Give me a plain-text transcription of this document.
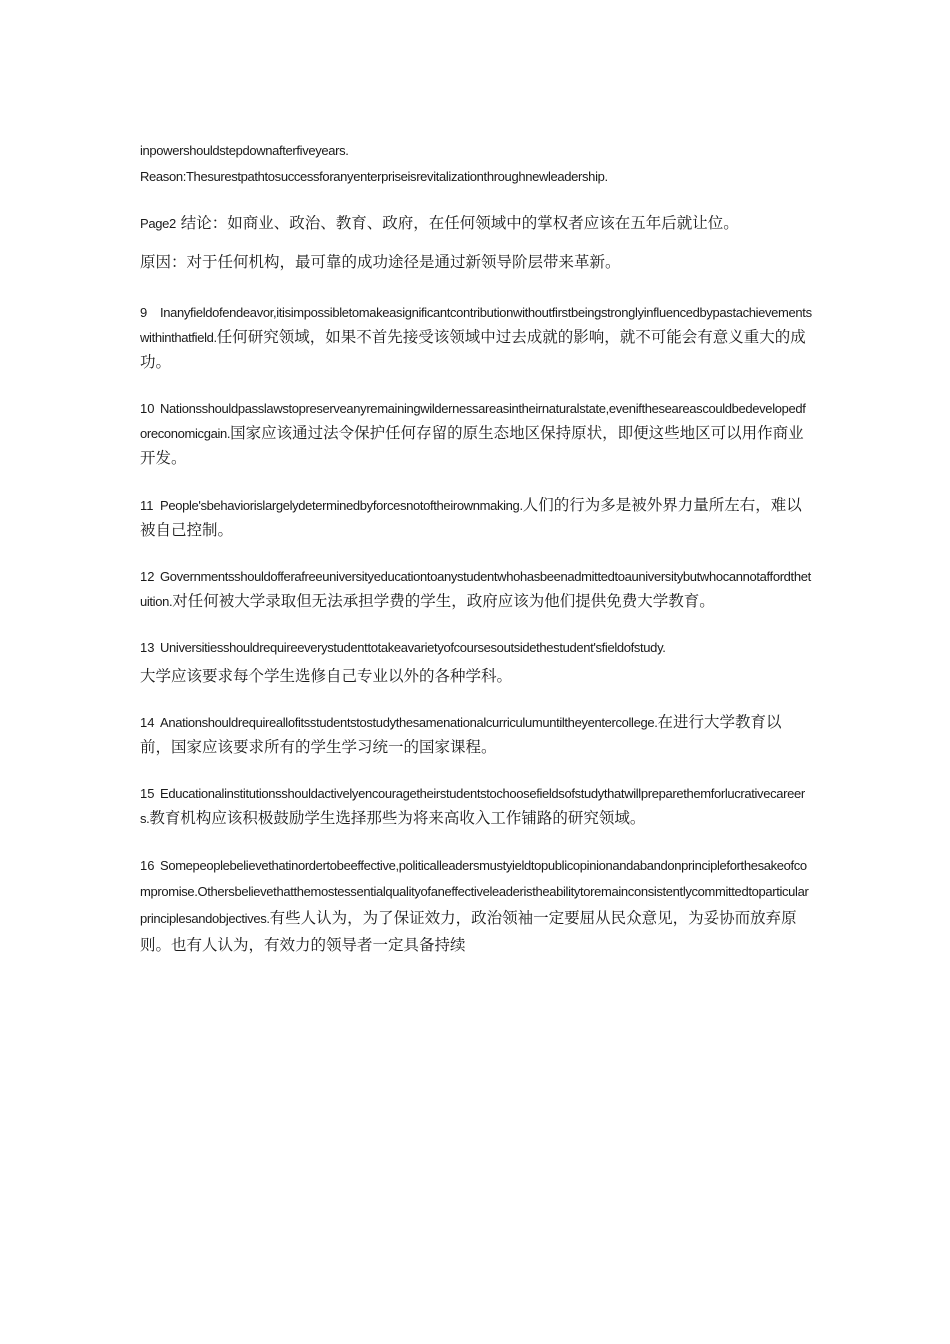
inpowershouldstepdownafterfiveyears.
Reason:Thesurestpathtosuccessforanyenterpriseisrevitalizationthroughnewleadership.
Page2 结论：如商业、政治、教育、政府，在任何领域中的掌权者应该在五年后就让位。
原因：对于任何机构，最可靠的成功途径是通过新领导阶层带来革新。
9 Inanyfieldofendeavor,itisimpossibletomakeasignificantcontributionwithoutfirstbeingstronglyinfluencedbypastachievementswithinthatfield.任何研究领域，如果不首先接受该领域中过去成就的影响，就不可能会有意义重大的成功。
10 Nationsshouldpasslawstopreserveanyremainingwildernessareasintheirnaturalstate,eveniftheseareascouldbedevelopedforeconomicgain.国家应该通过法令保护任何存留的原生态地区保持原状，即便这些地区可以用作商业开发。
11 People'sbehaviorislargelydeterminedbyforcesnotoftheirownmaking.人们的行为多是被外界力量所左右，难以被自己控制。
12 Governmentsshouldofferafreeuniversityeducationtoanystudentwhohasbeenadmittedtoauniversitybutwhocannotaffordthetuition.对任何被大学录取但无法承担学费的学生，政府应该为他们提供免费大学教育。
13 Universitiesshouldrequireeverystudenttotakeavarietyofcoursesoutsidethestudent'sfieldofstudy.
大学应该要求每个学生选修自己专业以外的各种学科。
14 Anationshouldrequireallofitsstudentstostudythesamenationalcurriculumuntiltheyentercollege.在进行大学教育以前，国家应该要求所有的学生学习统一的国家课程。
15 Educationalinstitutionsshouldactivelyencouragetheirstudentstochoosefieldsofstudythatwillpreparethemforlucrativecareers.教育机构应该积极鼓励学生选择那些为将来高收入工作铺路的研究领域。
16 Somepeoplebelievethatinordertobeeffective,politicalleadersmustyieldtopublicopinionandabandonprincipleforthesakeofcompromise.Othersbelievethatthemostessentialqualityofaneffectiveleaderistheabilitytoremainconsistentlycommittedtoparticularprinciplesandobjectives.有些人认为，为了保证效力，政治领袖一定要屈从民众意见，为妥协而放弃原则。也有人认为，有效力的领导者一定具备持续
